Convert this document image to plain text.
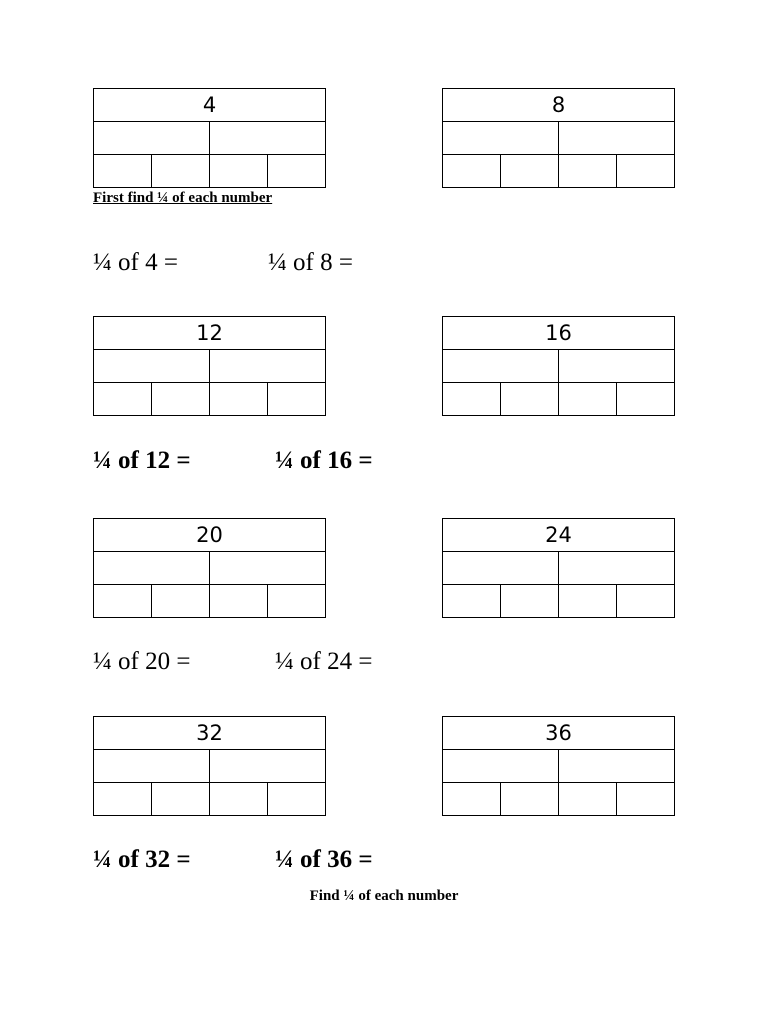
4	8
First find ¼ of each number
¼ of 4 =	¼ of 8 =
12	16
¼ of 12 =	¼ of 16 =
20	24
¼ of 20 =	¼ of 24 =
32	36
¼ of 32 =	¼ of 36 =
Find ¼ of each number
